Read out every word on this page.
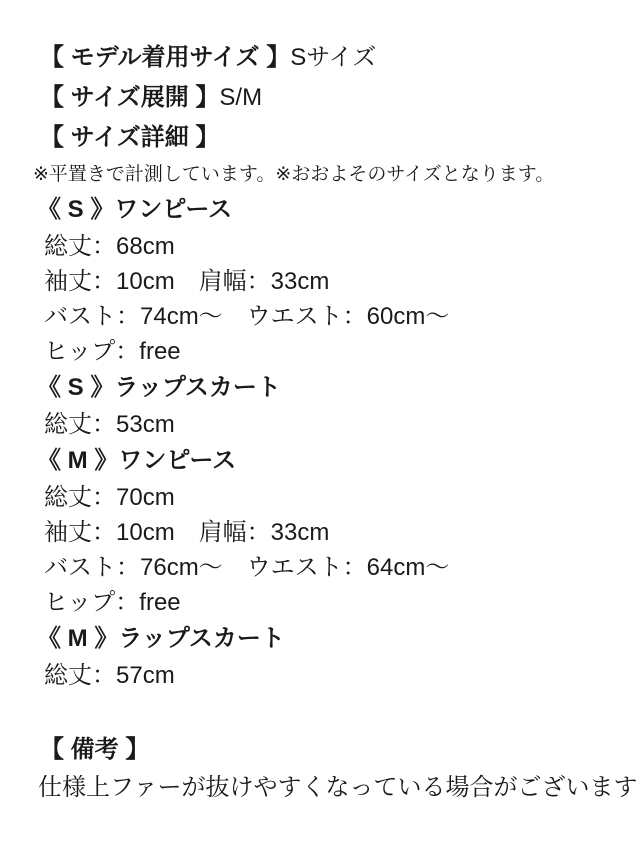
【 モデル着用サイズ 】Sサイズ
【 サイズ展開 】S/M
【 サイズ詳細 】
※平置きで計測しています。※おおよそのサイズとなります。
《 S 》ワンピース
総丈：68cm
袖丈：10cm　肩幅：33cm
バスト：74cm〜　ウエスト：60cm〜
ヒップ：free
《 S 》ラップスカート
総丈：53cm
《 M 》ワンピース
総丈：70cm
袖丈：10cm　肩幅：33cm
バスト：76cm〜　ウエスト：64cm〜
ヒップ：free
《 M 》ラップスカート
総丈：57cm
【 備考 】
仕様上ファーが抜けやすくなっている場合がございます
